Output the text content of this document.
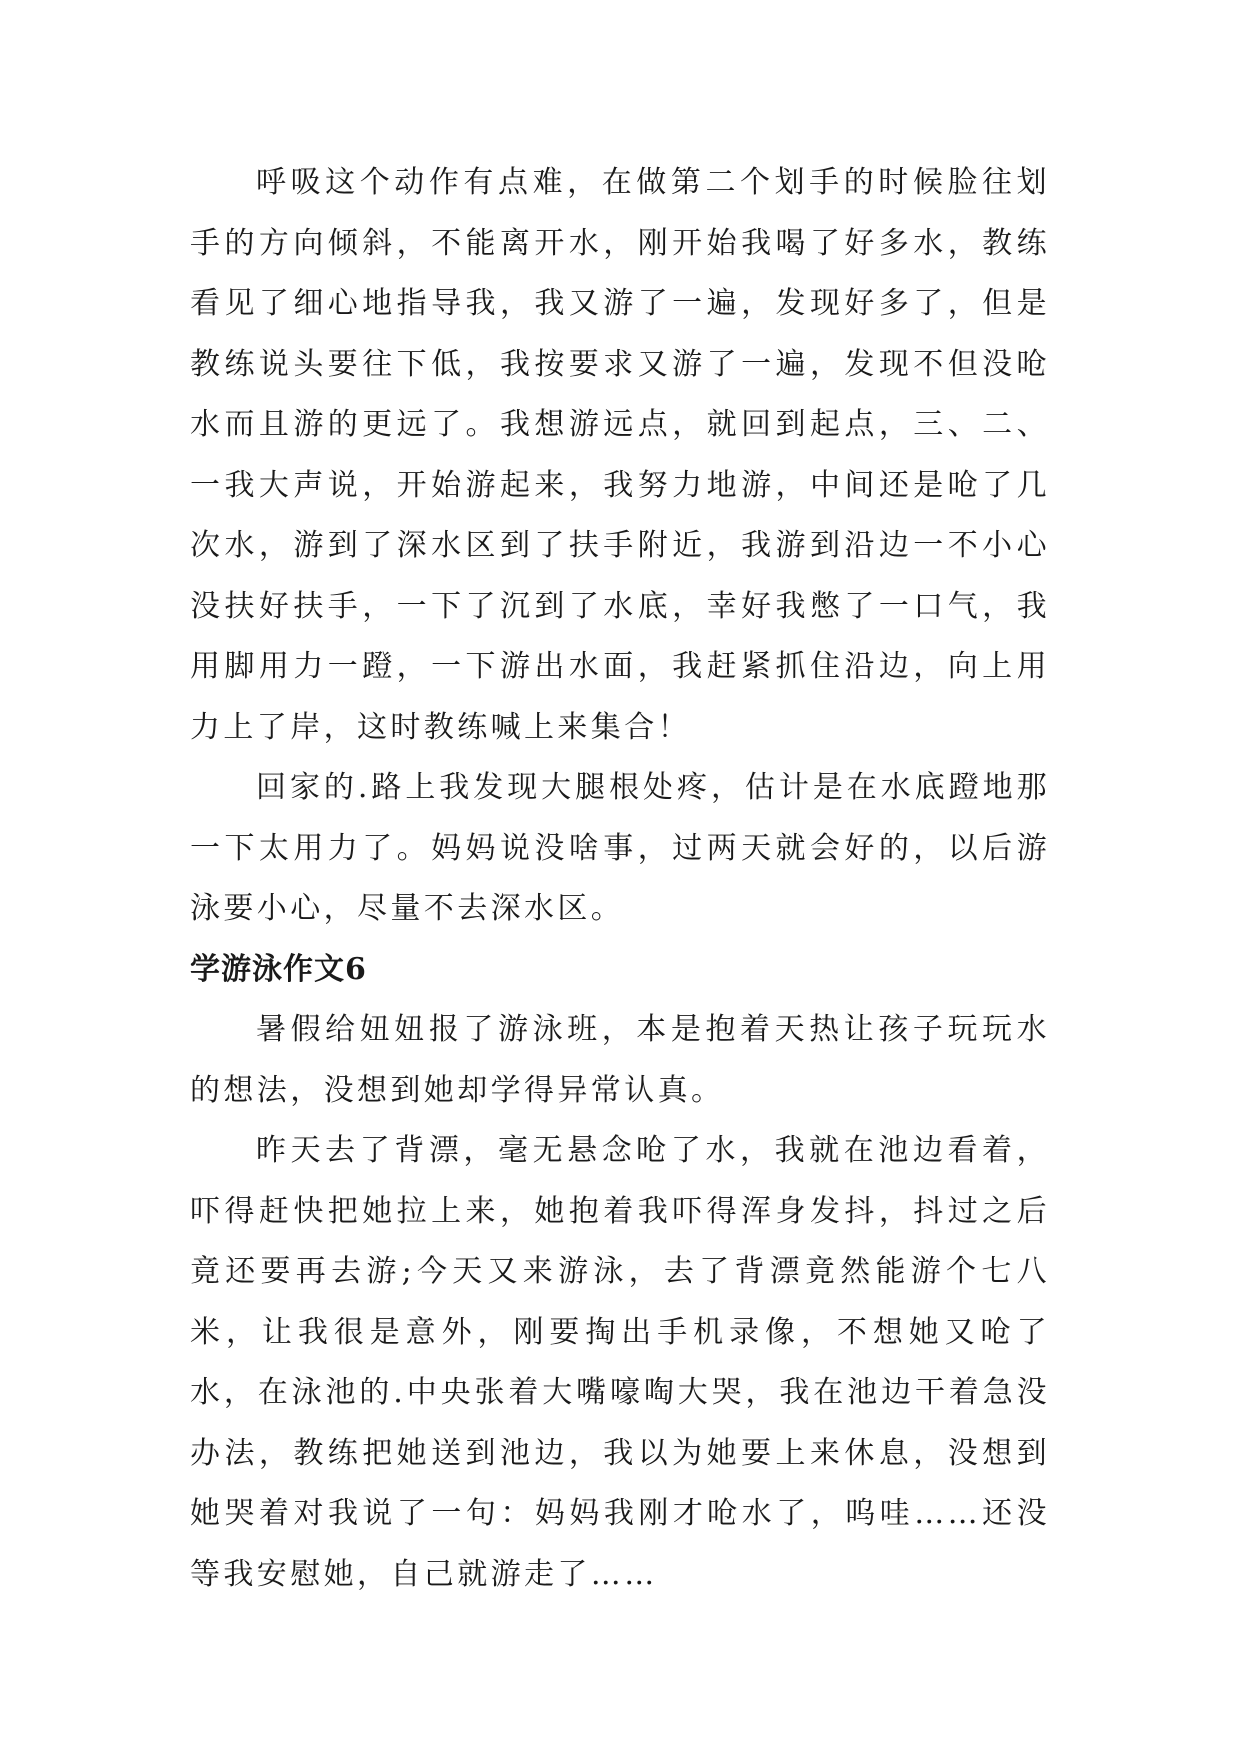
呼吸这个动作有点难，在做第二个划手的时候脸往划手的方向倾斜，不能离开水，刚开始我喝了好多水，教练看见了细心地指导我，我又游了一遍，发现好多了，但是教练说头要往下低，我按要求又游了一遍，发现不但没呛水而且游的更远了。我想游远点，就回到起点，三、二、一我大声说，开始游起来，我努力地游，中间还是呛了几次水，游到了深水区到了扶手附近，我游到沿边一不小心没扶好扶手，一下了沉到了水底，幸好我憋了一口气，我用脚用力一蹬，一下游出水面，我赶紧抓住沿边，向上用力上了岸，这时教练喊上来集合！

回家的.路上我发现大腿根处疼，估计是在水底蹬地那一下太用力了。妈妈说没啥事，过两天就会好的，以后游泳要小心，尽量不去深水区。

学游泳作文6

暑假给妞妞报了游泳班，本是抱着天热让孩子玩玩水的想法，没想到她却学得异常认真。

昨天去了背漂，毫无悬念呛了水，我就在池边看着，吓得赶快把她拉上来，她抱着我吓得浑身发抖，抖过之后竟还要再去游;今天又来游泳，去了背漂竟然能游个七八米，让我很是意外，刚要掏出手机录像，不想她又呛了水，在泳池的.中央张着大嘴嚎啕大哭，我在池边干着急没办法，教练把她送到池边，我以为她要上来休息，没想到她哭着对我说了一句：妈妈我刚才呛水了，呜哇……还没等我安慰她，自己就游走了……
